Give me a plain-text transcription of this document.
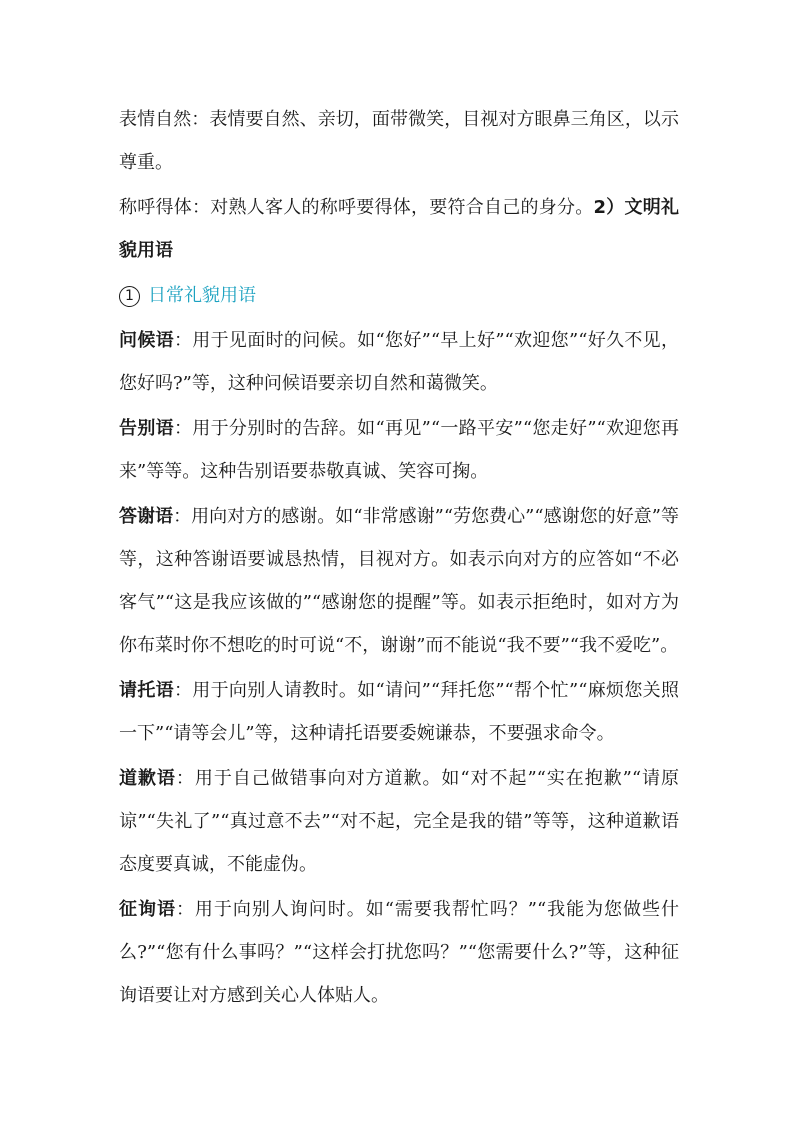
表情自然：表情要自然、亲切，面带微笑，目视对方眼鼻三角区，以示尊重。

称呼得体：对熟人客人的称呼要得体，要符合自己的身分。2）文明礼貌用语

1 日常礼貌用语

问候语：用于见面时的问候。如“您好”“早上好”“欢迎您”“好久不见，您好吗?”等，这种问候语要亲切自然和蔼微笑。

告别语：用于分别时的告辞。如“再见”“一路平安”“您走好”“欢迎您再来”等等。这种告别语要恭敬真诚、笑容可掬。

答谢语：用向对方的感谢。如“非常感谢”“劳您费心”“感谢您的好意”等等，这种答谢语要诚恳热情，目视对方。如表示向对方的应答如“不必客气”“这是我应该做的”“感谢您的提醒”等。如表示拒绝时，如对方为你布菜时你不想吃的时可说“不，谢谢”而不能说“我不要”“我不爱吃”。

请托语：用于向别人请教时。如“请问”“拜托您”“帮个忙”“麻烦您关照一下”“请等会儿”等，这种请托语要委婉谦恭，不要强求命令。

道歉语：用于自己做错事向对方道歉。如“对不起”“实在抱歉”“请原谅”“失礼了”“真过意不去”“对不起，完全是我的错”等等，这种道歉语态度要真诚，不能虚伪。

征询语：用于向别人询问时。如“需要我帮忙吗？”“我能为您做些什么?”“您有什么事吗？”“这样会打扰您吗？”“您需要什么?”等，这种征询语要让对方感到关心人体贴人。
